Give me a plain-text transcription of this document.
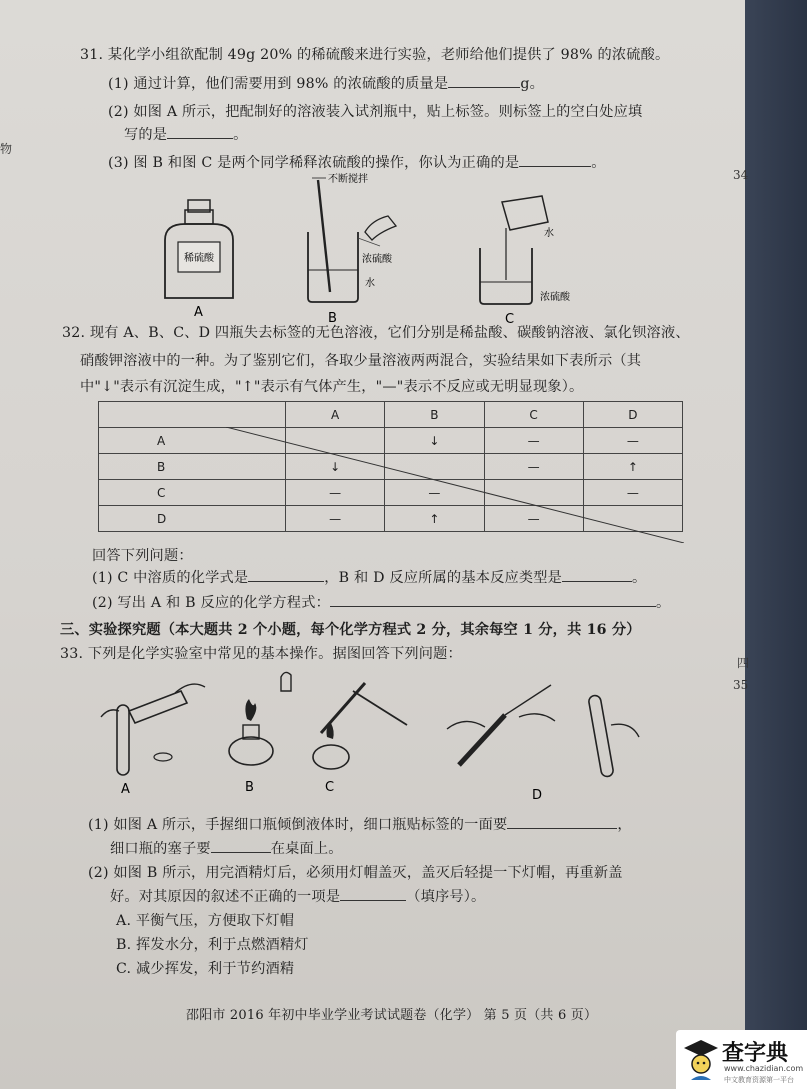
物
34
四
35
31. 某化学小组欲配制 49g 20% 的稀硫酸来进行实验，老师给他们提供了 98% 的浓硫酸。
(1) 通过计算，他们需要用到 98% 的浓硫酸的质量是	g。
(2) 如图 A 所示，把配制好的溶液装入试剂瓶中，贴上标签。则标签上的空白处应填
写的是	。
(3) 图 B 和图 C 是两个同学稀释浓硫酸的操作，你认为正确的是	。
稀硫酸
A
不断搅拌
浓硫酸
水
B
水
浓硫酸
C
32. 现有 A、B、C、D 四瓶失去标签的无色溶液，它们分别是稀盐酸、碳酸钠溶液、氯化钡溶液、
硝酸钾溶液中的一种。为了鉴别它们，各取少量溶液两两混合，实验结果如下表所示（其
中"↓"表示有沉淀生成，"↑"表示有气体产生，"—"表示不反应或无明显现象）。
	A	B	C	D
A		↓	—	—
B	↓		—	↑
C	—	—		—
D	—	↑	—	
回答下列问题：
(1) C 中溶质的化学式是	，B 和 D 反应所属的基本反应类型是	。
(2) 写出 A 和 B 反应的化学方程式：	。
三、实验探究题（本大题共 2 个小题，每个化学方程式 2 分，其余每空 1 分，共 16 分）
33. 下列是化学实验室中常见的基本操作。据图回答下列问题：
A	B	C
D
(1) 如图 A 所示，手握细口瓶倾倒液体时，细口瓶贴标签的一面要	，
细口瓶的塞子要	在桌面上。
(2) 如图 B 所示，用完酒精灯后，必须用灯帽盖灭，盖灭后轻提一下灯帽，再重新盖
好。对其原因的叙述不正确的一项是	（填序号）。
A. 平衡气压，方便取下灯帽
B. 挥发水分，利于点燃酒精灯
C. 减少挥发，利于节约酒精
邵阳市 2016 年初中毕业学业考试试题卷（化学） 第 5 页（共 6 页）
查字典
www.chazidian.com
中文教育资源第一平台
